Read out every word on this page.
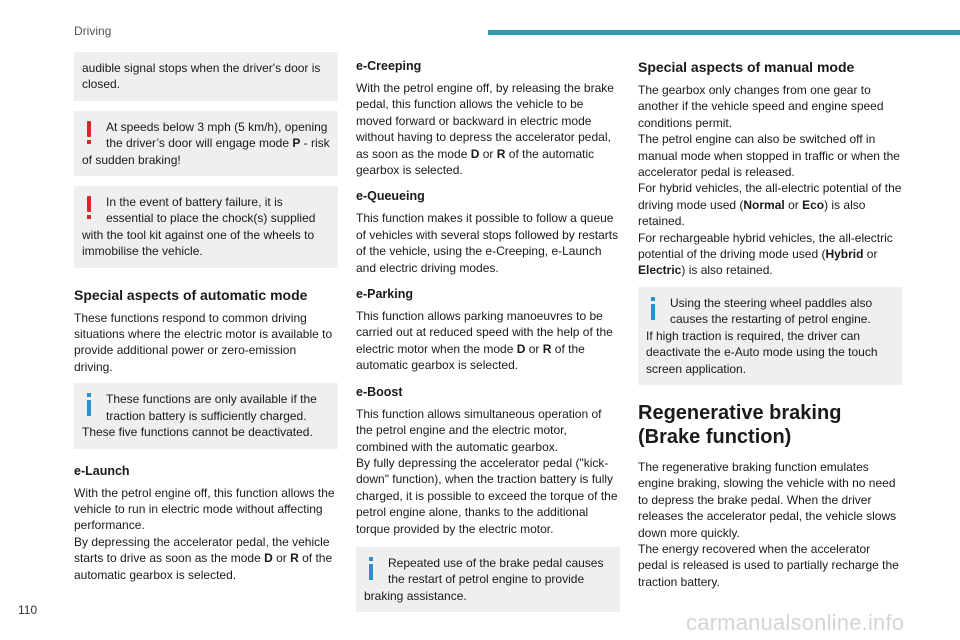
Driving

audible signal stops when the driver's door is closed.

At speeds below 3 mph (5 km/h), opening the driver’s door will engage mode P - risk of sudden braking!

In the event of battery failure, it is essential to place the chock(s) supplied with the tool kit against one of the wheels to immobilise the vehicle.

Special aspects of automatic mode

These functions respond to common driving situations where the electric motor is available to provide additional power or zero-emission driving.

These functions are only available if the traction battery is sufficiently charged. These five functions cannot be deactivated.

e-Launch

With the petrol engine off, this function allows the vehicle to run in electric mode without affecting performance.

By depressing the accelerator pedal, the vehicle starts to drive as soon as the mode D or R of the automatic gearbox is selected.

e-Creeping

With the petrol engine off, by releasing the brake pedal, this function allows the vehicle to be moved forward or backward in electric mode without having to depress the accelerator pedal, as soon as the mode D or R of the automatic gearbox is selected.

e-Queueing

This function makes it possible to follow a queue of vehicles with several stops followed by restarts of the vehicle, using the e-Creeping, e-Launch and electric driving modes.

e-Parking

This function allows parking manoeuvres to be carried out at reduced speed with the help of the electric motor when the mode D or R of the automatic gearbox is selected.

e-Boost

This function allows simultaneous operation of the petrol engine and the electric motor, combined with the automatic gearbox.

By fully depressing the accelerator pedal ("kick-down" function), when the traction battery is fully charged, it is possible to exceed the torque of the petrol engine alone, thanks to the additional torque provided by the electric motor.

Repeated use of the brake pedal causes the restart of petrol engine to provide braking assistance.

Special aspects of manual mode

The gearbox only changes from one gear to another if the vehicle speed and engine speed conditions permit.

The petrol engine can also be switched off in manual mode when stopped in traffic or when the accelerator pedal is released.

For hybrid vehicles, the all-electric potential of the driving mode used (Normal or Eco) is also retained.

For rechargeable hybrid vehicles, the all-electric potential of the driving mode used (Hybrid or Electric) is also retained.

Using the steering wheel paddles also causes the restarting of petrol engine.

If high traction is required, the driver can deactivate the e-Auto mode using the touch screen application.

Regenerative braking (Brake function)

The regenerative braking function emulates engine braking, slowing the vehicle with no need to depress the brake pedal. When the driver releases the accelerator pedal, the vehicle slows down more quickly.

The energy recovered when the accelerator pedal is released is used to partially recharge the traction battery.

110	carmanualsonline.info
